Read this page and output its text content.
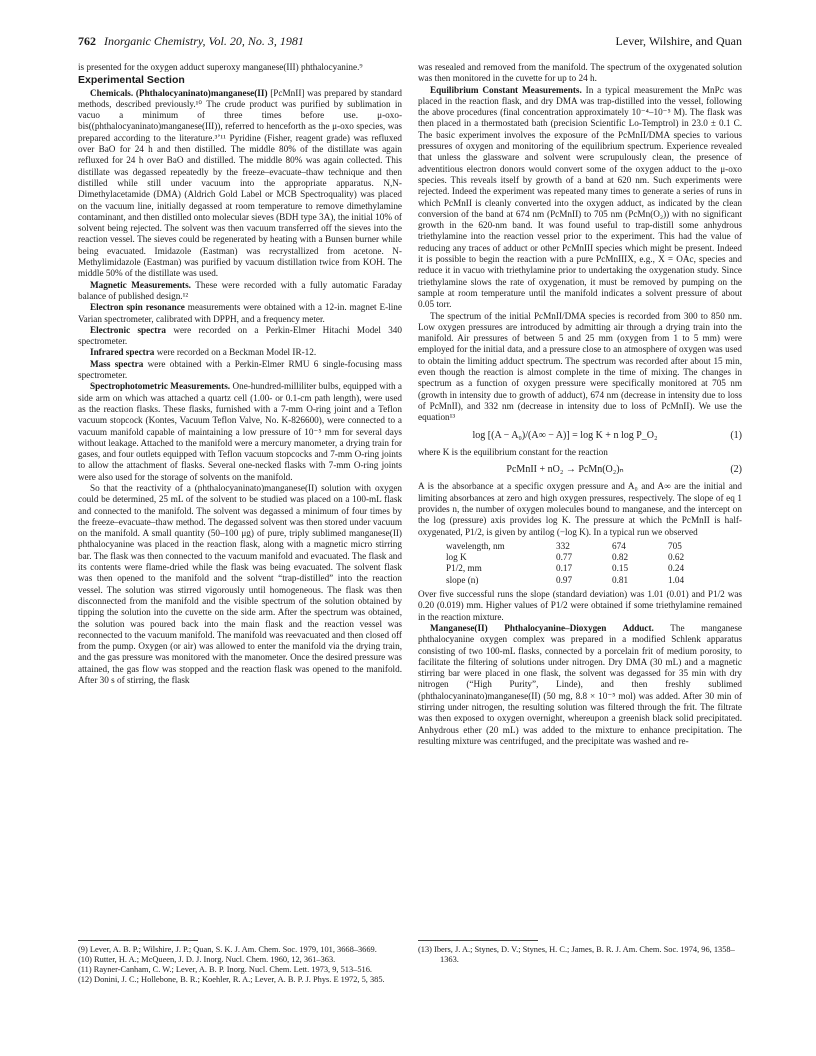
762 Inorganic Chemistry, Vol. 20, No. 3, 1981	Lever, Wilshire, and Quan

is presented for the oxygen adduct superoxy manganese(III) phthalocyanine.⁹

Experimental Section

Chemicals. (Phthalocyaninato)manganese(II) [PcMnII] was prepared by standard methods, described previously.¹⁰ The crude product was purified by sublimation in vacuo a minimum of three times before use. μ-oxo-bis((phthalocyaninato)manganese(III)), referred to henceforth as the μ-oxo species, was prepared according to the literature.³ʼ¹¹ Pyridine (Fisher, reagent grade) was refluxed over BaO for 24 h and then distilled. The middle 80% of the distillate was again refluxed for 24 h over BaO and distilled. The middle 80% was again collected. This distillate was degassed repeatedly by the freeze–evacuate–thaw technique and then distilled while still under vacuum into the appropriate apparatus. N,N-Dimethylacetamide (DMA) (Aldrich Gold Label or MCB Spectroquality) was placed on the vacuum line, initially degassed at room temperature to remove dimethylamine contaminant, and then distilled onto molecular sieves (BDH type 3A), the initial 10% of solvent being rejected. The solvent was then vacuum transferred off the sieves into the reaction vessel. The sieves could be regenerated by heating with a Bunsen burner while being evacuated. Imidazole (Eastman) was recrystallized from acetone. N-Methylimidazole (Eastman) was purified by vacuum distillation twice from KOH. The middle 50% of the distillate was used.

Magnetic Measurements. These were recorded with a fully automatic Faraday balance of published design.¹²

Electron spin resonance measurements were obtained with a 12-in. magnet E-line Varian spectrometer, calibrated with DPPH, and a frequency meter.

Electronic spectra were recorded on a Perkin-Elmer Hitachi Model 340 spectrometer.

Infrared spectra were recorded on a Beckman Model IR-12.

Mass spectra were obtained with a Perkin-Elmer RMU 6 single-focusing mass spectrometer.

Spectrophotometric Measurements. One-hundred-milliliter bulbs, equipped with a side arm on which was attached a quartz cell (1.00- or 0.1-cm path length), were used as the reaction flasks. These flasks, furnished with a 7-mm O-ring joint and a Teflon vacuum stopcock (Kontes, Vacuum Teflon Valve, No. K-826600), were connected to a vacuum manifold capable of maintaining a low pressure of 10⁻⁵ mm for several days without leakage. Attached to the manifold were a mercury manometer, a drying train for gases, and four outlets equipped with Teflon vacuum stopcocks and 7-mm O-ring joints to allow the attachment of flasks. Several one-necked flasks with 7-mm O-ring joints were also used for the storage of solvents on the manifold.

So that the reactivity of a (phthalocyaninato)manganese(II) solution with oxygen could be determined, 25 mL of the solvent to be studied was placed on a 100-mL flask and connected to the manifold. The solvent was degassed a minimum of four times by the freeze–evacuate–thaw method. The degassed solvent was then stored under vacuum on the manifold. A small quantity (50–100 μg) of pure, triply sublimed manganese(II) phthalocyanine was placed in the reaction flask, along with a magnetic micro stirring bar. The flask was then connected to the vacuum manifold and evacuated. The flask and its contents were flame-dried while the flask was being evacuated. The solvent flask was then opened to the manifold and the solvent “trap-distilled” into the reaction vessel. The solution was stirred vigorously until homogeneous. The flask was then disconnected from the manifold and the visible spectrum of the solution obtained by tipping the solution into the cuvette on the side arm. After the spectrum was obtained, the solution was poured back into the main flask and the reaction vessel was reconnected to the vacuum manifold. The manifold was reevacuated and then closed off from the pump. Oxygen (or air) was allowed to enter the manifold via the drying train, and the gas pressure was monitored with the manometer. Once the desired pressure was attained, the gas flow was stopped and the reaction flask was opened to the manifold. After 30 s of stirring, the flask

was resealed and removed from the manifold. The spectrum of the oxygenated solution was then monitored in the cuvette for up to 24 h.

Equilibrium Constant Measurements. In a typical measurement the MnPc was placed in the reaction flask, and dry DMA was trap-distilled into the vessel, following the above procedures (final concentration approximately 10⁻⁴–10⁻⁵ M). The flask was then placed in a thermostated bath (precision Scientific Lo-Temptrol) in 23.0 ± 0.1 C. The basic experiment involves the exposure of the PcMnII/DMA species to various pressures of oxygen and monitoring of the equilibrium spectrum. Experience revealed that unless the glassware and solvent were scrupulously clean, the presence of adventitious electron donors would convert some of the oxygen adduct to the μ-oxo species. This reveals itself by growth of a band at 620 nm. Such experiments were rejected. Indeed the experiment was repeated many times to generate a series of runs in which PcMnII is cleanly converted into the oxygen adduct, as indicated by the clean conversion of the band at 674 nm (PcMnII) to 705 nm (PcMn(O₂)) with no significant growth in the 620-nm band. It was found useful to trap-distill some anhydrous triethylamine into the reaction vessel prior to the experiment. This had the value of reducing any traces of adduct or other PcMnIII species which might be present. Indeed it is possible to begin the reaction with a pure PcMnIIIX, e.g., X = OAc, species and reduce it in vacuo with triethylamine prior to undertaking the oxygenation study. Since triethylamine slows the rate of oxygenation, it must be removed by pumping on the sample at room temperature until the manifold indicates a solvent pressure of about 0.05 torr.

The spectrum of the initial PcMnII/DMA species is recorded from 300 to 850 nm. Low oxygen pressures are introduced by admitting air through a drying train into the manifold. Air pressures of between 5 and 25 mm (oxygen from 1 to 5 mm) were employed for the initial data, and a pressure close to an atmosphere of oxygen was used to obtain the limiting adduct spectrum. The spectrum was recorded after about 15 min, even though the reaction is almost complete in the time of mixing. The changes in spectrum as a function of oxygen pressure were specifically monitored at 705 nm (growth in intensity due to growth of adduct), 674 nm (decrease in intensity due to loss of PcMnII), and 332 nm (decrease in intensity due to loss of PcMnII). We use the equation¹³

log [(A − A₀)/(A∞ − A)] = log K + n log P_O₂	(1)

where K is the equilibrium constant for the reaction

PcMnII + nO₂ → PcMn(O₂)ₙ	(2)

A is the absorbance at a specific oxygen pressure and A₀ and A∞ are the initial and limiting absorbances at zero and high oxygen pressures, respectively. The slope of eq 1 provides n, the number of oxygen molecules bound to manganese, and the intercept on the log (pressure) axis provides log K. The pressure at which the PcMnII is half-oxygenated, P1/2, is given by antilog (−log K). In a typical run we observed

wavelength, nm	332	674	705
log K	0.77	0.82	0.62
P1/2, mm	0.17	0.15	0.24
slope (n)	0.97	0.81	1.04

Over five successful runs the slope (standard deviation) was 1.01 (0.01) and P1/2 was 0.20 (0.019) mm. Higher values of P1/2 were obtained if some triethylamine remained in the reaction mixture.

Manganese(II) Phthalocyanine–Dioxygen Adduct. The manganese phthalocyanine oxygen complex was prepared in a modified Schlenk apparatus consisting of two 100-mL flasks, connected by a porcelain frit of medium porosity, to facilitate the filtering of solutions under nitrogen. Dry DMA (30 mL) and a magnetic stirring bar were placed in one flask, the solvent was degassed for 35 min with dry nitrogen (“High Purity”, Linde), and then freshly sublimed (phthalocyaninato)manganese(II) (50 mg, 8.8 × 10⁻⁵ mol) was added. After 30 min of stirring under nitrogen, the resulting solution was filtered through the frit. The filtrate was then exposed to oxygen overnight, whereupon a greenish black solid precipitated. Anhydrous ether (20 mL) was added to the mixture to enhance precipitation. The resulting mixture was centrifuged, and the precipitate was washed and re-

(9) Lever, A. B. P.; Wilshire, J. P.; Quan, S. K. J. Am. Chem. Soc. 1979, 101, 3668–3669.
(10) Rutter, H. A.; McQueen, J. D. J. Inorg. Nucl. Chem. 1960, 12, 361–363.
(11) Rayner-Canham, C. W.; Lever, A. B. P. Inorg. Nucl. Chem. Lett. 1973, 9, 513–516.
(12) Donini, J. C.; Hollebone, B. R.; Koehler, R. A.; Lever, A. B. P. J. Phys. E 1972, 5, 385.
(13) Ibers, J. A.; Stynes, D. V.; Stynes, H. C.; James, B. R. J. Am. Chem. Soc. 1974, 96, 1358–1363.
